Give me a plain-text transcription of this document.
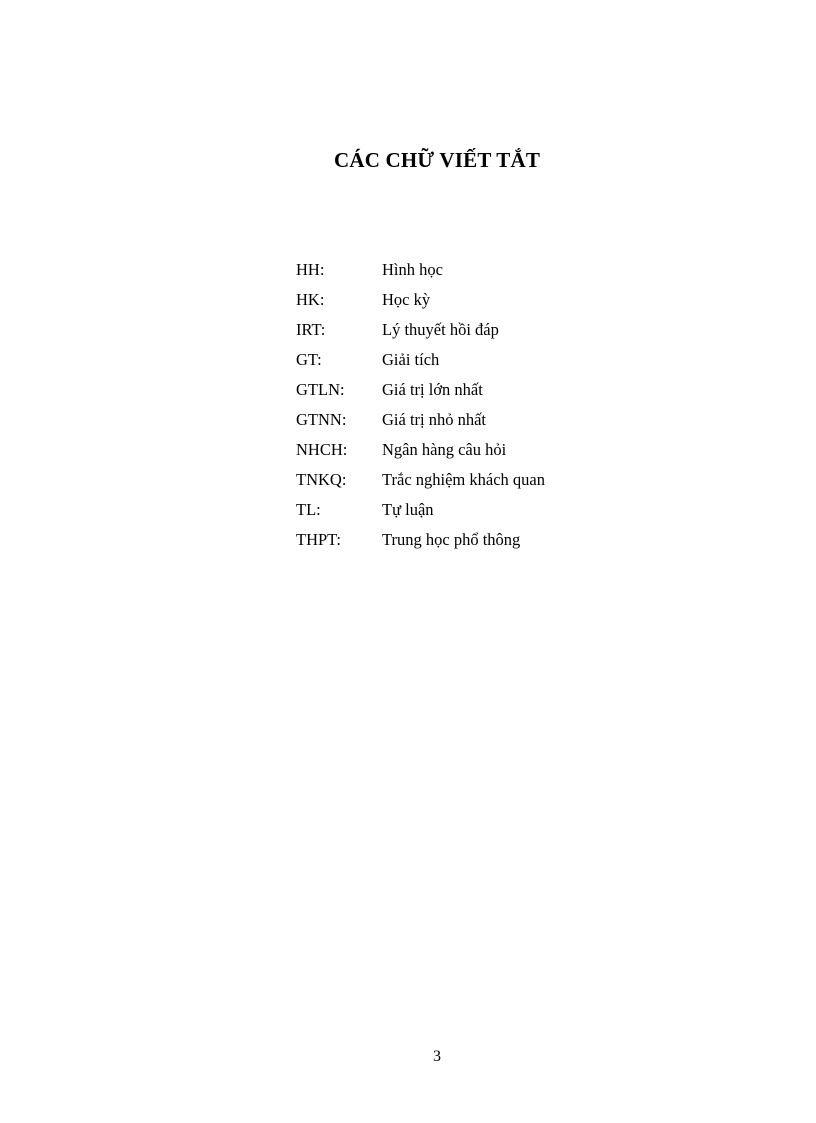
CÁC CHỮ VIẾT TẮT
HH:	Hình học
HK:	Học kỳ
IRT:	Lý thuyết hồi đáp
GT:	Giải tích
GTLN: Giá trị lớn nhất
GTNN: Giá trị nhỏ nhất
NHCH: Ngân hàng câu hỏi
TNKQ: Trắc nghiệm khách quan
TL:	Tự luận
THPT: Trung học phổ thông
3
